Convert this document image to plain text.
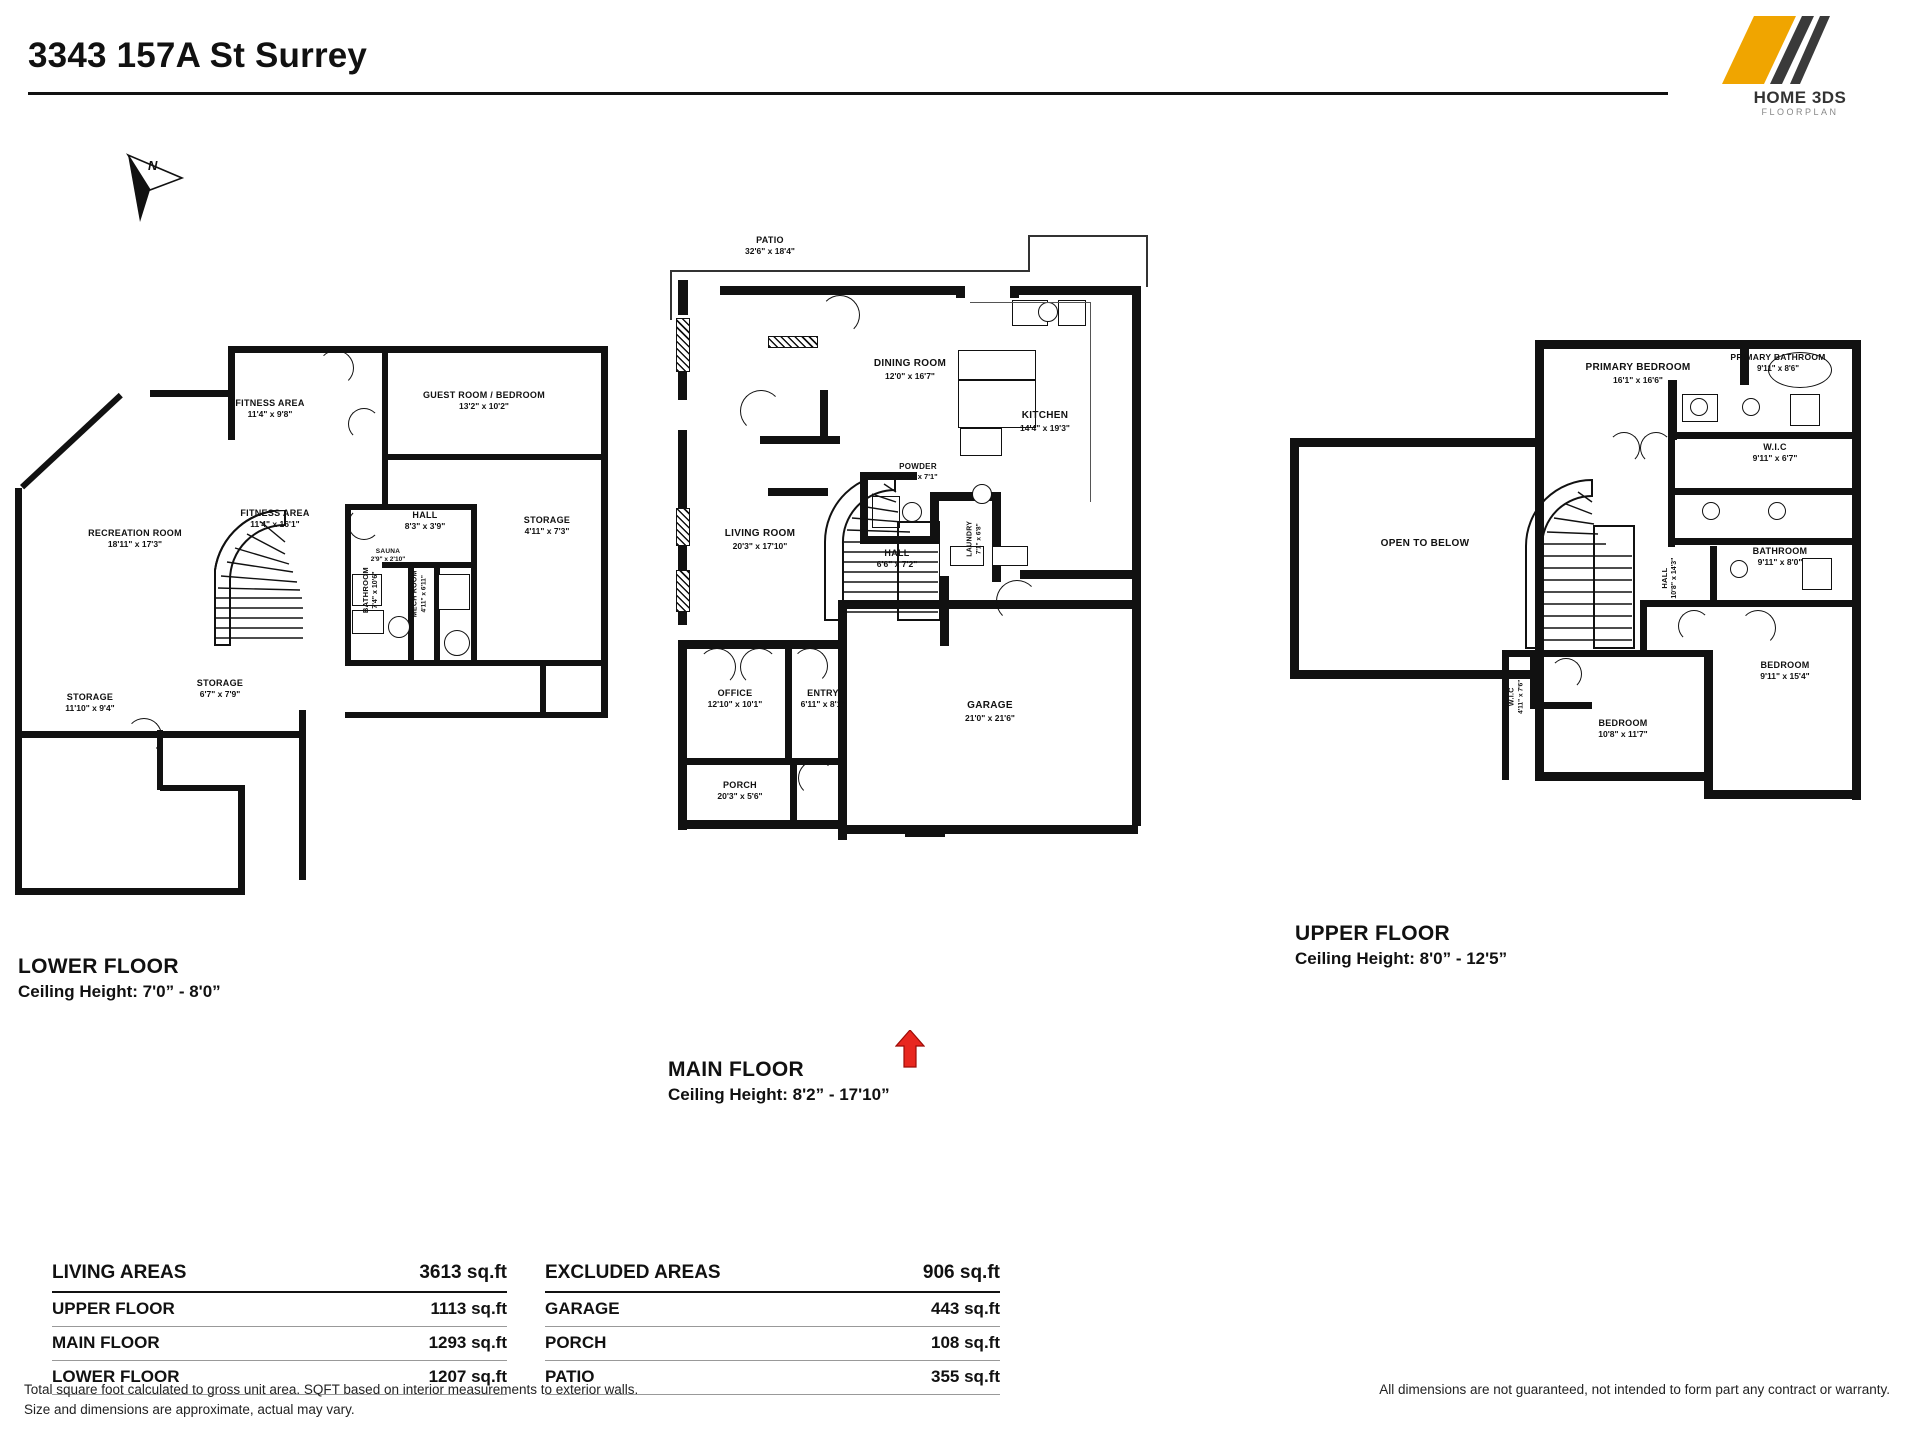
3343 157A St Surrey
HOME 3DS
FLOORPLAN
N
FITNESS AREA
11'4" x 9'8"
GUEST ROOM / BEDROOM
13'2" x 10'2"
FITNESS AREA
11'4" x 16'1"
HALL
8'3" x 3'9"
STORAGE
4'11" x 7'3"
SAUNA
2'9" x 2'10"
BATHROOM 7'4" x 10'6"	MECH ROOM 4'11" x 6'11"
RECREATION ROOM
18'11" x 17'3"
STORAGE
11'10" x 9'4"
STORAGE
6'7" x 7'9"
LOWER FLOOR
Ceiling Height: 7'0” - 8'0”
PATIO
32'6" x 18'4"
DINING ROOM
12'0" x 16'7"
KITCHEN
14'4" x 19'3"
POWDER
8'11" x 7'1"
LAUNDRY 7'1" x 6'8"
LIVING ROOM
20'3" x 17'10"
HALL
6'6" x 7'2"
OFFICE
12'10" x 10'1"
ENTRY
6'11" x 8'1"	GARAGE
21'0" x 21'6"
PORCH
20'3" x 5'6"
MAIN FLOOR
Ceiling Height: 8'2” - 17'10”
PRIMARY BEDROOM
16'1" x 16'6"
PRIMARY BATHROOM
9'11" x 8'6"
W.I.C
9'11" x 6'7"
OPEN TO BELOW
BATHROOM
9'11" x 8'0"
HALL 10'8" x 14'3"
BEDROOM
9'11" x 15'4"
BEDROOM
10'8" x 11'7"
W.I.C 4'11" x 7'6"
UPPER FLOOR
Ceiling Height: 8'0” - 12'5”
LIVING AREAS	3613 sq.ft
UPPER FLOOR	1113 sq.ft
MAIN FLOOR	1293 sq.ft
LOWER FLOOR	1207 sq.ft
EXCLUDED AREAS	906 sq.ft
GARAGE	443 sq.ft
PORCH	108 sq.ft
PATIO	355 sq.ft
Total square foot calculated to gross unit area. SQFT based on interior measurements to exterior walls.
Size and dimensions are approximate, actual may vary.
All dimensions are not guaranteed, not intended to form part any contract or warranty.
